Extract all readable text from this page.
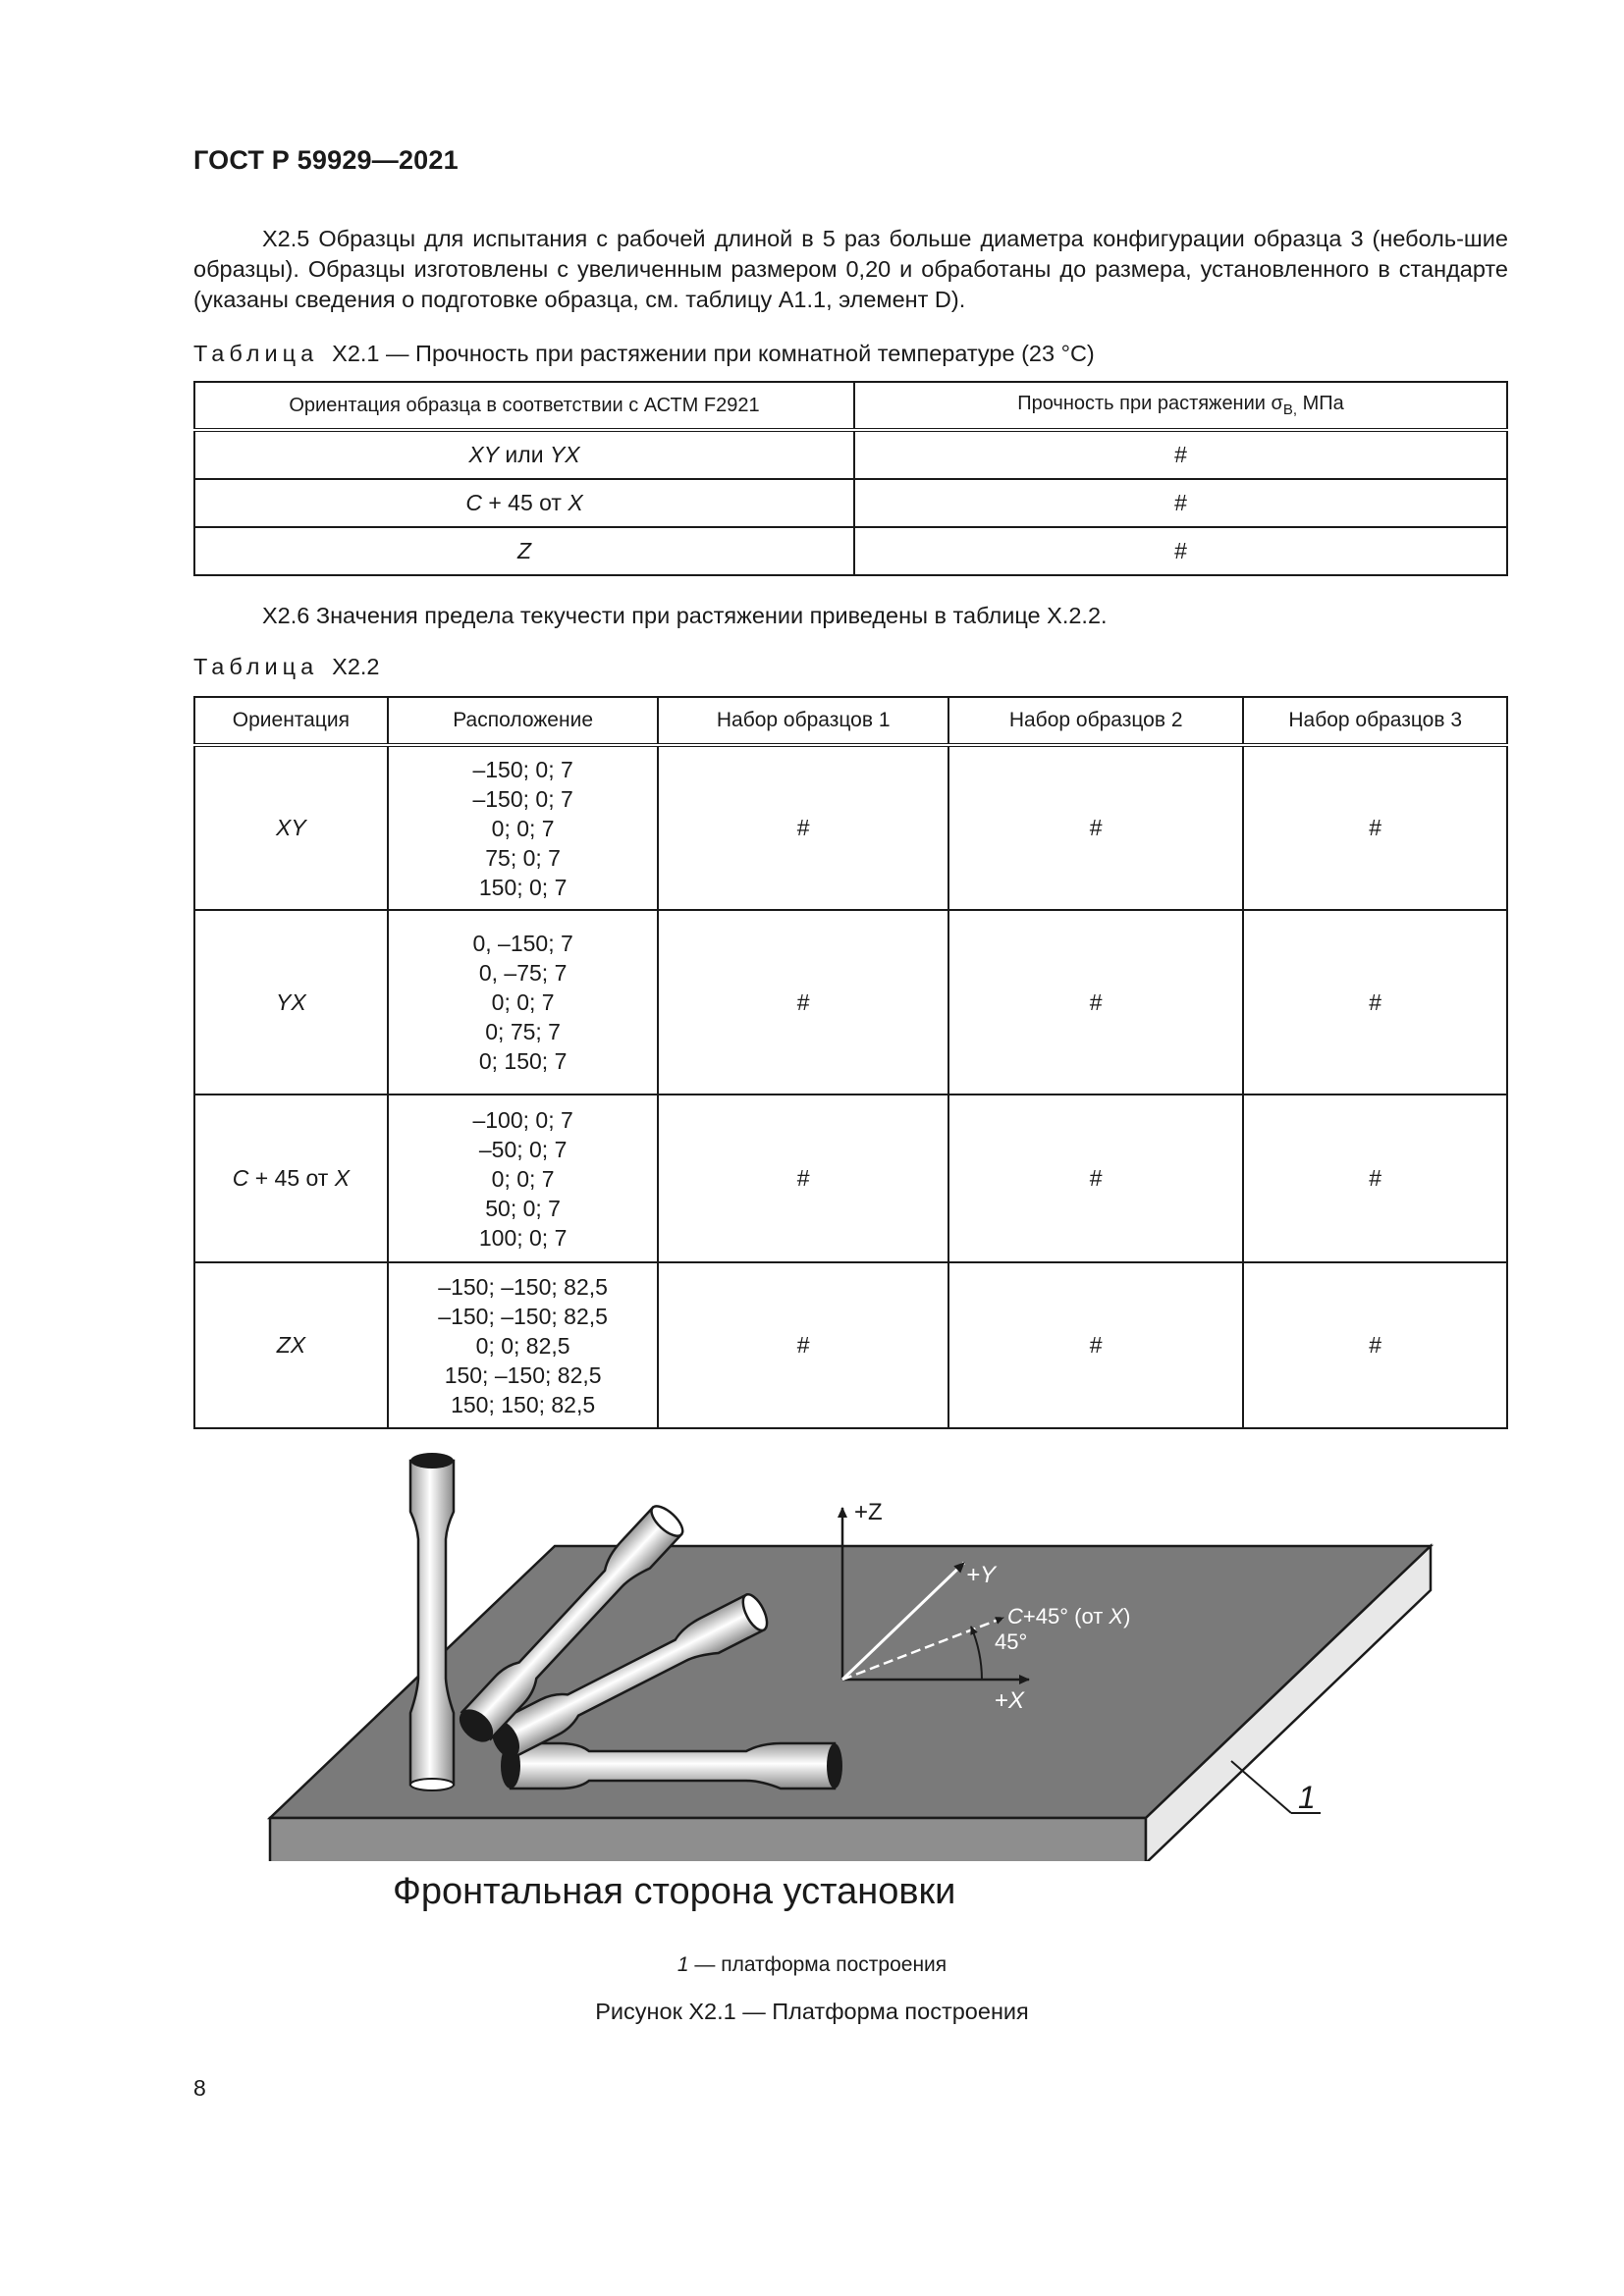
ГОСТ Р 59929—2021
X2.5 Образцы для испытания с рабочей длиной в 5 раз больше диаметра конфигурации образца 3 (неболь-шие образцы). Образцы изготовлены с увеличенным размером 0,20 и обработаны до размера, установленного в стандарте (указаны сведения о подготовке образца, см. таблицу A1.1, элемент D).
Таблица X2.1 — Прочность при растяжении при комнатной температуре (23 °С)
Ориентация образца в соответствии с АСТМ F2921	Прочность при растяжении $\sigma_{B,}$ МПа
XY или YX	#
C + 45 от X	#
Z	#
X2.6 Значения предела текучести при растяжении приведены в таблице X.2.2.
Таблица X2.2
Ориентация	Расположение	Набор образцов 1	Набор образцов 2	Набор образцов 3
XY	–150; 0; 7
–150; 0; 7
0; 0; 7
75; 0; 7
150; 0; 7	#	#	#
YX	0, –150; 7
0, –75; 7
0; 0; 7
0; 75; 7
0; 150; 7	#	#	#
C + 45 от X	–100; 0; 7
–50; 0; 7
0; 0; 7
50; 0; 7
100; 0; 7	#	#	#
ZX	–150; –150; 82,5
–150; –150; 82,5
0; 0; 82,5
150; –150; 82,5
150; 150; 82,5	#	#	#
1
+Z
+Y
+X
C+45° (от X)
45°
Фронтальная сторона установки
1 — платформа построения
Рисунок X2.1 — Платформа построения
8
